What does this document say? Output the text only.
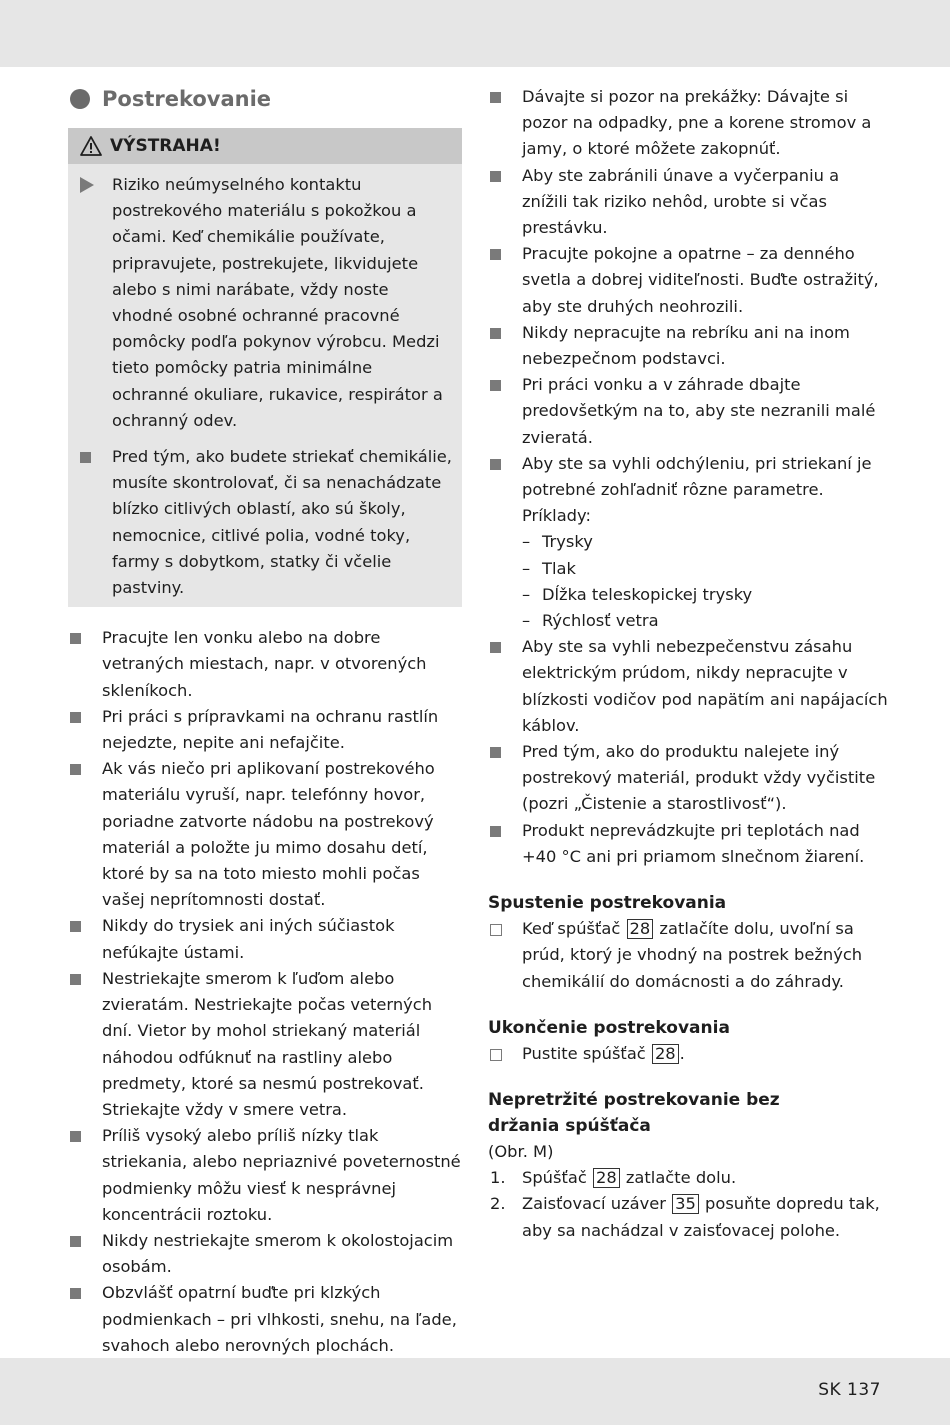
Postrekovanie
VÝSTRAHA!
Riziko neúmyselného kontaktu postrekového materiálu s pokožkou a očami. Keď chemikálie používate, pripravujete, postrekujete, likvidujete alebo s nimi narábate, vždy noste vhodné osobné ochranné pracovné pomôcky podľa pokynov výrobcu. Medzi tieto pomôcky patria minimálne ochranné okuliare, rukavice, respirátor a ochranný odev.
Pred tým, ako budete striekať chemikálie, musíte skontrolovať, či sa nenachádzate blízko citlivých oblastí, ako sú školy, nemocnice, citlivé polia, vodné toky, farmy s dobytkom, statky či včelie pastviny.
Pracujte len vonku alebo na dobre vetraných miestach, napr. v otvorených skleníkoch.
Pri práci s prípravkami na ochranu rastlín nejedzte, nepite ani nefajčite.
Ak vás niečo pri aplikovaní postrekového materiálu vyruší, napr. telefónny hovor, poriadne zatvorte nádobu na postrekový materiál a položte ju mimo dosahu detí, ktoré by sa na toto miesto mohli počas vašej neprítomnosti dostať.
Nikdy do trysiek ani iných súčiastok nefúkajte ústami.
Nestriekajte smerom k ľuďom alebo zvieratám. Nestriekajte počas veterných dní. Vietor by mohol striekaný materiál náhodou odfúknuť na rastliny alebo predmety, ktoré sa nesmú postrekovať. Striekajte vždy v smere vetra.
Príliš vysoký alebo príliš nízky tlak striekania, alebo nepriaznivé poveternostné podmienky môžu viesť k nesprávnej koncentrácii roztoku.
Nikdy nestriekajte smerom k okolostojacim osobám.
Obzvlášť opatrní buďte pri klzkých podmienkach – pri vlhkosti, snehu, na ľade, svahoch alebo nerovných plochách.
Dávajte si pozor na prekážky: Dávajte si pozor na odpadky, pne a korene stromov a jamy, o ktoré môžete zakopnúť.
Aby ste zabránili únave a vyčerpaniu a znížili tak riziko nehôd, urobte si včas prestávku.
Pracujte pokojne a opatrne – za denného svetla a dobrej viditeľnosti. Buďte ostražitý, aby ste druhých neohrozili.
Nikdy nepracujte na rebríku ani na inom nebezpečnom podstavci.
Pri práci vonku a v záhrade dbajte predovšetkým na to, aby ste nezranili malé zvieratá.
Aby ste sa vyhli odchýleniu, pri striekaní je potrebné zohľadniť rôzne parametre.
Príklady:
– Trysky
– Tlak
– Dĺžka teleskopickej trysky
– Rýchlosť vetra
Aby ste sa vyhli nebezpečenstvu zásahu elektrickým prúdom, nikdy nepracujte v blízkosti vodičov pod napätím ani napájacích káblov.
Pred tým, ako do produktu nalejete iný postrekový materiál, produkt vždy vyčistite (pozri „Čistenie a starostlivosť“).
Produkt neprevádzkujte pri teplotách nad +40 °C ani pri priamom slnečnom žiarení.
Spustenie postrekovania
Keď spúšťač 28 zatlačíte dolu, uvoľní sa prúd, ktorý je vhodný na postrek bežných chemikálií do domácnosti a do záhrady.
Ukončenie postrekovania
Pustite spúšťač 28 .
Nepretržité postrekovanie bez držania spúšťača
(Obr. M)
1. Spúšťač 28 zatlačte dolu.
2. Zaisťovací uzáver 35 posuňte dopredu tak, aby sa nachádzal v zaisťovacej polohe.
SK 137
